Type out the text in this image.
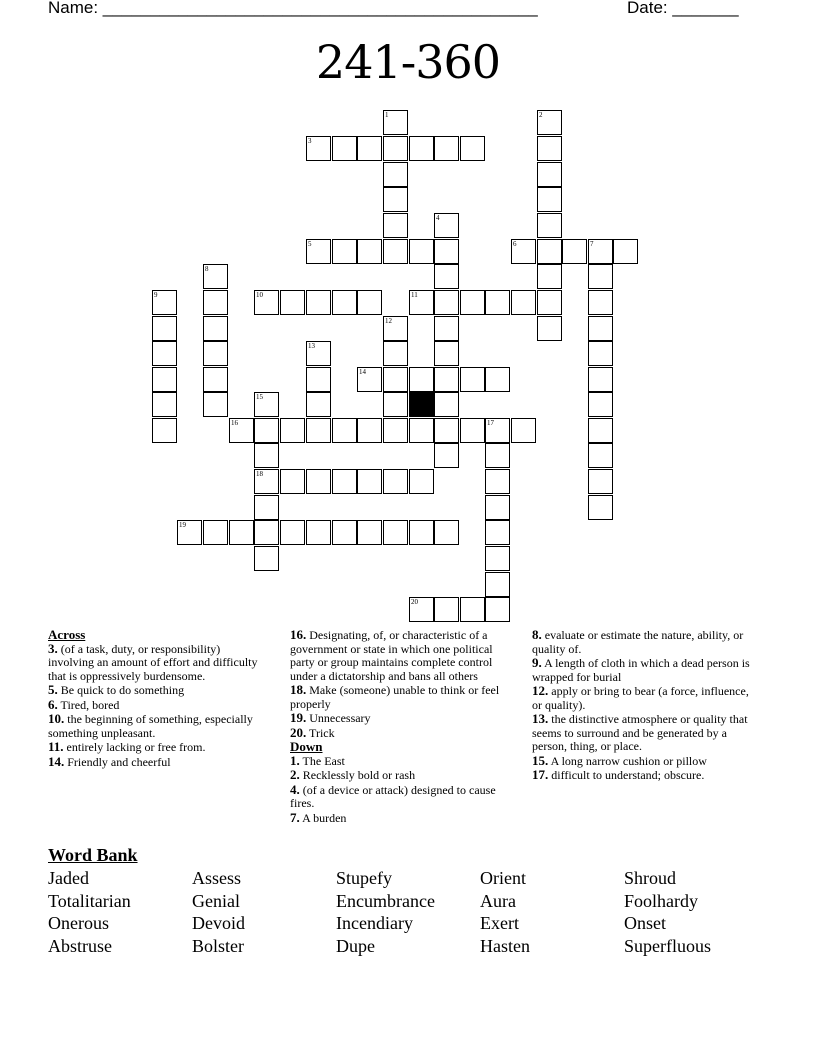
Name: ______________________________________________	Date: _______
241-360
1	2
3
4
5	6	7
8
9	10	11
12
13
14
15
16	17
18
19
20

Across

3. (of a task, duty, or responsibility) involving an amount of effort and difficulty that is oppressively burdensome.

5. Be quick to do something

6. Tired, bored

10. the beginning of something, especially something unpleasant.

11. entirely lacking or free from.

14. Friendly and cheerful

16. Designating, of, or characteristic of a government or state in which one political party or group maintains complete control under a dictatorship and bans all others

18. Make (someone) unable to think or feel properly

19. Unnecessary

20. Trick

Down

1. The East

2. Recklessly bold or rash

4. (of a device or attack) designed to cause fires.

7. A burden

8. evaluate or estimate the nature, ability, or quality of.

9. A length of cloth in which a dead person is wrapped for burial

12. apply or bring to bear (a force, influence, or quality).

13. the distinctive atmosphere or quality that seems to surround and be generated by a person, thing, or place.

15. A long narrow cushion or pillow

17. difficult to understand; obscure.

Word Bank
Jaded	Assess	Stupefy	Orient	Shroud
Totalitarian	Genial	Encumbrance	Aura	Foolhardy
Onerous	Devoid	Incendiary	Exert	Onset
Abstruse	Bolster	Dupe	Hasten	Superfluous
